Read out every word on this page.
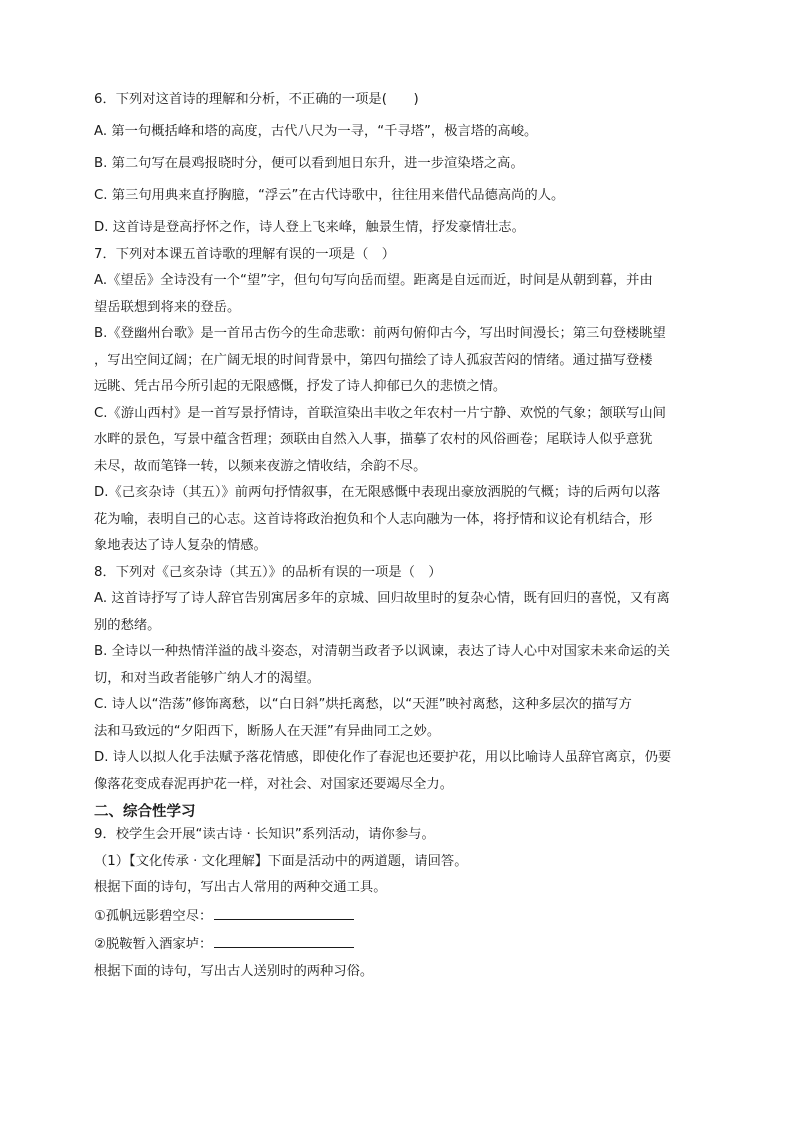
6．下列对这首诗的理解和分析，不正确的一项是(　　)
A. 第一句概括峰和塔的高度，古代八尺为一寻，“千寻塔”，极言塔的高峻。
B. 第二句写在晨鸡报晓时分，便可以看到旭日东升，进一步渲染塔之高。
C. 第三句用典来直抒胸臆，“浮云”在古代诗歌中，往往用来借代品德高尚的人。
D. 这首诗是登高抒怀之作，诗人登上飞来峰，触景生情，抒发豪情壮志。
7．下列对本课五首诗歌的理解有误的一项是（　）
A.《望岳》全诗没有一个“望”字，但句句写向岳而望。距离是自远而近，时间是从朝到暮，并由
望岳联想到将来的登岳。
B.《登幽州台歌》是一首吊古伤今的生命悲歌：前两句俯仰古今，写出时间漫长；第三句登楼眺望
，写出空间辽阔；在广阔无垠的时间背景中，第四句描绘了诗人孤寂苦闷的情绪。通过描写登楼
远眺、凭古吊今所引起的无限感慨，抒发了诗人抑郁已久的悲愤之情。
C.《游山西村》是一首写景抒情诗，首联渲染出丰收之年农村一片宁静、欢悦的气象；颔联写山间
水畔的景色，写景中蕴含哲理；颈联由自然入人事，描摹了农村的风俗画卷；尾联诗人似乎意犹
未尽，故而笔锋一转，以频来夜游之情收结，余韵不尽。
D.《己亥杂诗（其五）》前两句抒情叙事，在无限感慨中表现出豪放洒脱的气概；诗的后两句以落
花为喻，表明自己的心志。这首诗将政治抱负和个人志向融为一体，将抒情和议论有机结合，形
象地表达了诗人复杂的情感。
8．下列对《己亥杂诗（其五）》的品析有误的一项是（　）
A. 这首诗抒写了诗人辞官告别寓居多年的京城、回归故里时的复杂心情，既有回归的喜悦，又有离
别的愁绪。
B. 全诗以一种热情洋溢的战斗姿态，对清朝当政者予以讽谏，表达了诗人心中对国家未来命运的关
切，和对当政者能够广纳人才的渴望。
C. 诗人以“浩荡”修饰离愁，以“白日斜”烘托离愁，以“天涯”映衬离愁，这种多层次的描写方
法和马致远的“夕阳西下，断肠人在天涯”有异曲同工之妙。
D. 诗人以拟人化手法赋予落花情感，即使化作了春泥也还要护花，用以比喻诗人虽辞官离京，仍要
像落花变成春泥再护花一样，对社会、对国家还要竭尽全力。
二、综合性学习
9．校学生会开展“读古诗 · 长知识”系列活动，请你参与。
（1）【文化传承 · 文化理解】下面是活动中的两道题，请回答。
根据下面的诗句，写出古人常用的两种交通工具。
①孤帆远影碧空尽：
②脱鞍暂入酒家垆：
根据下面的诗句，写出古人送别时的两种习俗。
